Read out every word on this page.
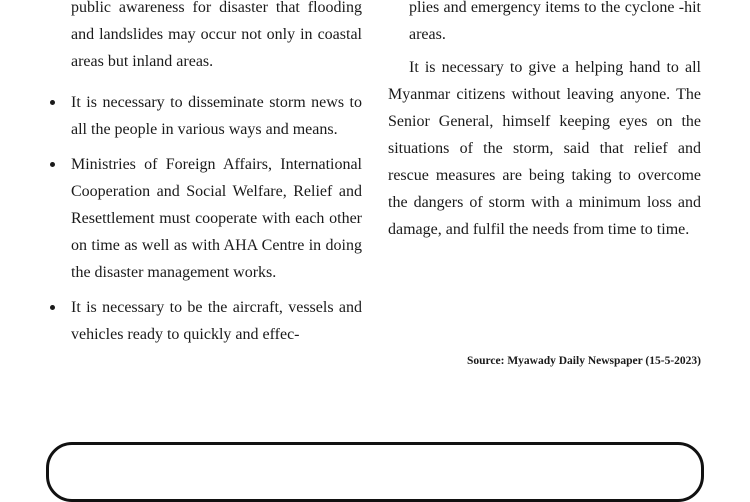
public awareness for disaster that flooding and landslides may occur not only in coastal areas but inland areas.

It is necessary to disseminate storm news to all the people in various ways and means.
Ministries of Foreign Affairs, International Cooperation and Social Welfare, Relief and Resettlement must cooperate with each other on time as well as with AHA Centre in doing the disaster management works.
It is necessary to be the aircraft, vessels and vehicles ready to quickly and effec-

plies and emergency items to the cyclone -hit areas.

It is necessary to give a helping hand to all Myanmar citizens without leaving anyone. The Senior General, himself keeping eyes on the situations of the storm, said that relief and rescue measures are being taking to overcome the dangers of storm with a minimum loss and damage, and fulfil the needs from time to time.

Source: Myawady Daily Newspaper (15-5-2023)
